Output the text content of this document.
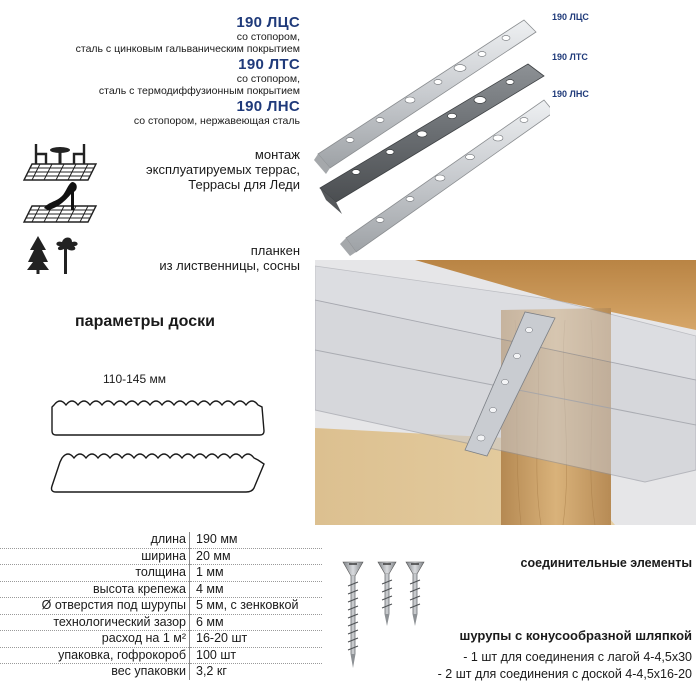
190 ЛЦС
со стопором,
сталь с цинковым гальваническим покрытием
190 ЛТС
со стопором,
сталь с термодиффузионным покрытием
190 ЛНС
со стопором, нержавеющая сталь
монтаж
эксплуатируемых террас,
Террасы для Леди
планкен
из лиственницы, сосны
параметры доски
110-145 мм
190 ЛЦС
190 ЛТС
190 ЛНС
длина	190 мм
ширина	20 мм
толщина	1 мм
высота крепежа	4 мм
Ø отверстия под шурупы	5 мм, с зенковкой
технологический зазор	6 мм
расход на 1 м²	16-20 шт
упаковка, гофрокороб	100 шт
вес упаковки	3,2 кг
соединительные элементы
шурупы с конусообразной шляпкой
- 1 шт для соединения с лагой 4-4,5х30
- 2 шт для соединения с доской 4-4,5х16-20
